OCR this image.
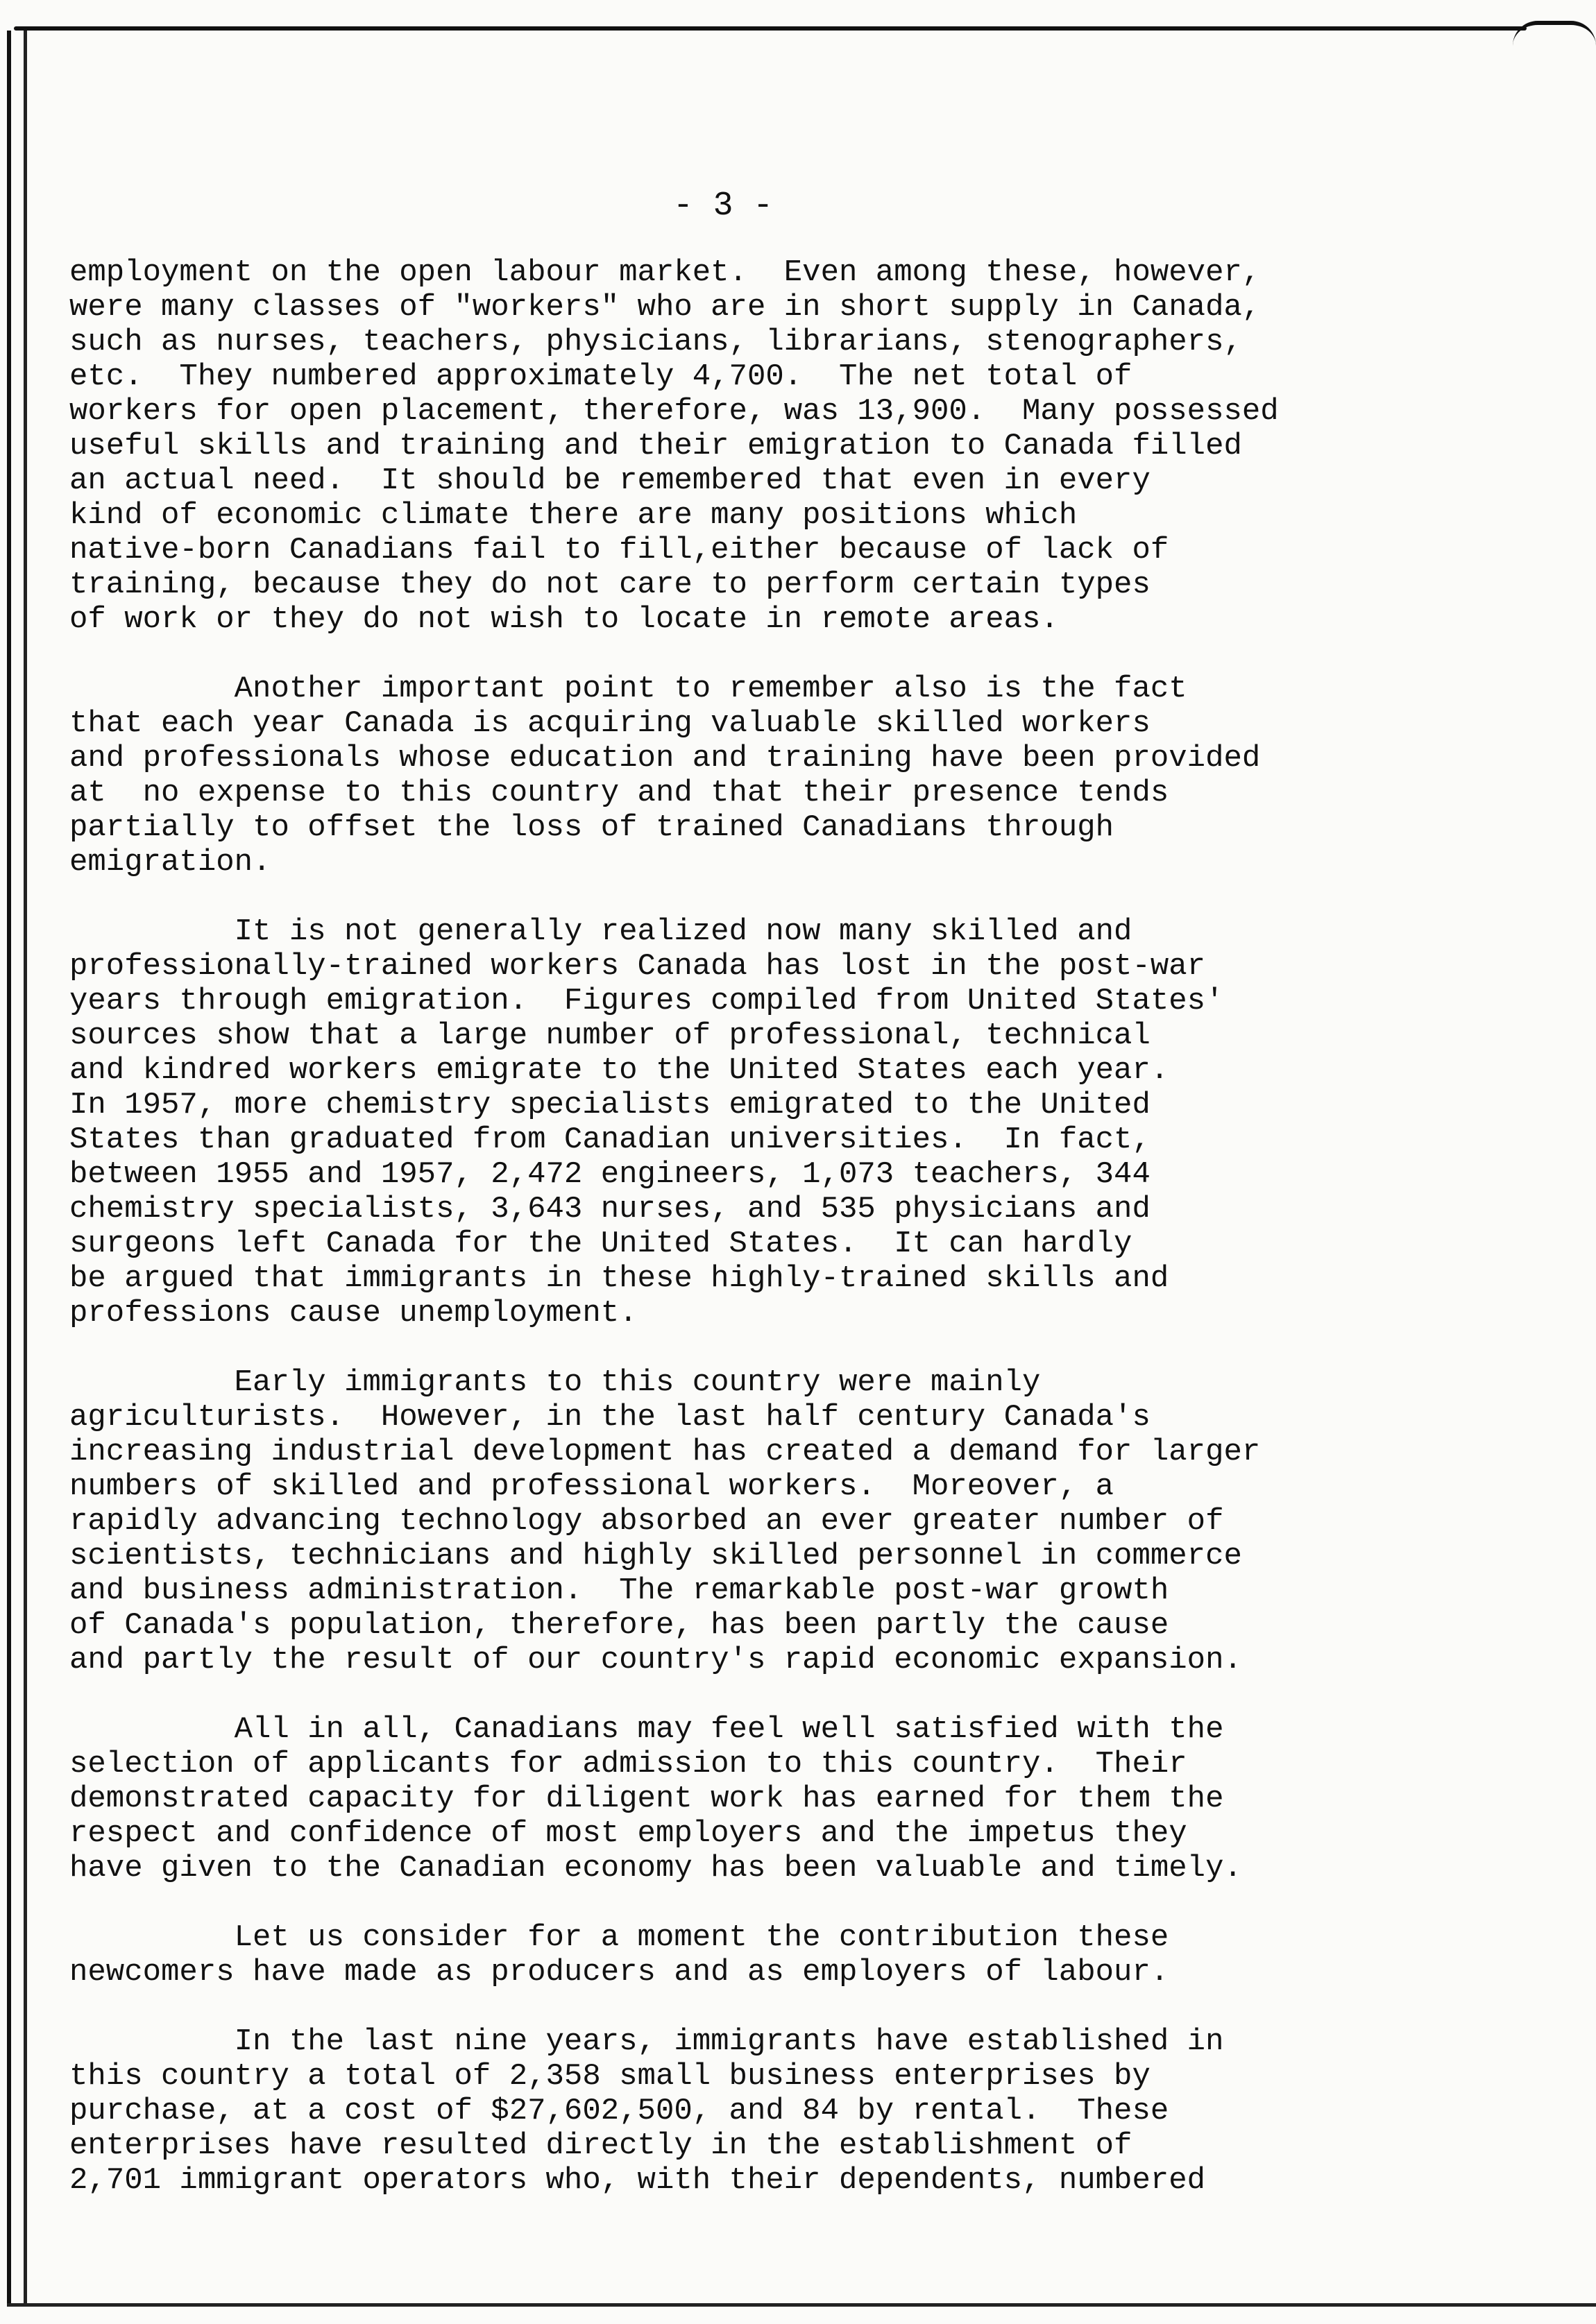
- 3 -
employment on the open labour market.  Even among these, however,
were many classes of "workers" who are in short supply in Canada,
such as nurses, teachers, physicians, librarians, stenographers,
etc.  They numbered approximately 4,700.  The net total of
workers for open placement, therefore, was 13,900.  Many possessed
useful skills and training and their emigration to Canada filled
an actual need.  It should be remembered that even in every
kind of economic climate there are many positions which
native-born Canadians fail to fill,either because of lack of
training, because they do not care to perform certain types
of work or they do not wish to locate in remote areas.
Another important point to remember also is the fact
that each year Canada is acquiring valuable skilled workers
and professionals whose education and training have been provided
at  no expense to this country and that their presence tends
partially to offset the loss of trained Canadians through
emigration.
It is not generally realized now many skilled and
professionally-trained workers Canada has lost in the post-war
years through emigration.  Figures compiled from United States'
sources show that a large number of professional, technical
and kindred workers emigrate to the United States each year.
In 1957, more chemistry specialists emigrated to the United
States than graduated from Canadian universities.  In fact,
between 1955 and 1957, 2,472 engineers, 1,073 teachers, 344
chemistry specialists, 3,643 nurses, and 535 physicians and
surgeons left Canada for the United States.  It can hardly
be argued that immigrants in these highly-trained skills and
professions cause unemployment.
Early immigrants to this country were mainly
agriculturists.  However, in the last half century Canada's
increasing industrial development has created a demand for larger
numbers of skilled and professional workers.  Moreover, a
rapidly advancing technology absorbed an ever greater number of
scientists, technicians and highly skilled personnel in commerce
and business administration.  The remarkable post-war growth
of Canada's population, therefore, has been partly the cause
and partly the result of our country's rapid economic expansion.
All in all, Canadians may feel well satisfied with the
selection of applicants for admission to this country.  Their
demonstrated capacity for diligent work has earned for them the
respect and confidence of most employers and the impetus they
have given to the Canadian economy has been valuable and timely.
Let us consider for a moment the contribution these
newcomers have made as producers and as employers of labour.
In the last nine years, immigrants have established in
this country a total of 2,358 small business enterprises by
purchase, at a cost of $27,602,500, and 84 by rental.  These
enterprises have resulted directly in the establishment of
2,701 immigrant operators who, with their dependents, numbered
